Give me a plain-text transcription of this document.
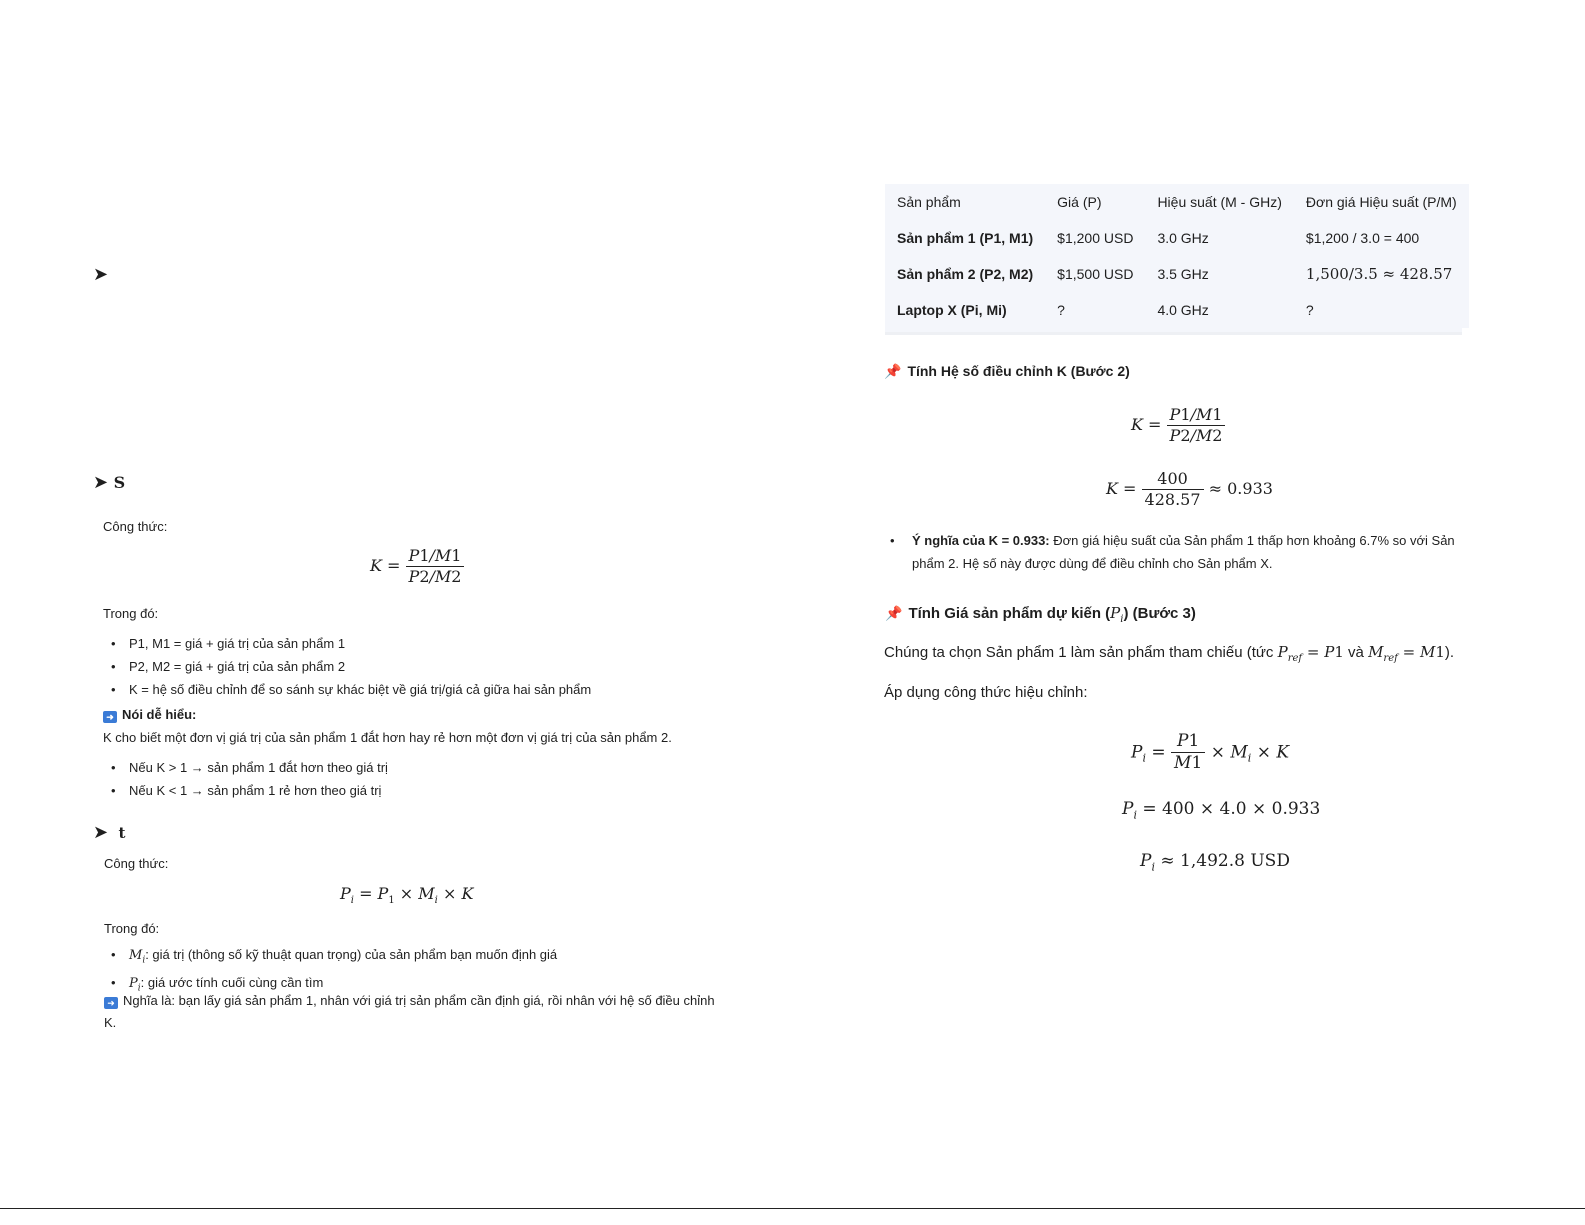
➤
➤ S
Công thức:
$K = \frac{P1/M1}{P2/M2}$
Trong đó:
• P1, M1 = giá + giá trị của sản phẩm 1
• P2, M2 = giá + giá trị của sản phẩm 2
• K = hệ số điều chỉnh để so sánh sự khác biệt về giá trị/giá cả giữa hai sản phẩm
➜ Nói dễ hiểu:
K cho biết một đơn vị giá trị của sản phẩm 1 đắt hơn hay rẻ hơn một đơn vị giá trị của sản phẩm 2.
• Nếu K > 1 → sản phẩm 1 đắt hơn theo giá trị
• Nếu K < 1 → sản phẩm 1 rẻ hơn theo giá trị
➤ t
Công thức:
$P_i = P_1 \times M_i \times K$
Trong đó:
• $M_i$: giá trị (thông số kỹ thuật quan trọng) của sản phẩm bạn muốn định giá
• $P_i$: giá ước tính cuối cùng cần tìm
➜ Nghĩa là: bạn lấy giá sản phẩm 1, nhân với giá trị sản phẩm cần định giá, rồi nhân với hệ số điều chỉnh
K.
Sản phẩm	Giá (P)	Hiệu suất (M - GHz)	Đơn giá Hiệu suất (P/M)
Sản phẩm 1 (P1, M1)	$1,200 USD	3.0 GHz	$1,200 / 3.0 = 400
Sản phẩm 2 (P2, M2)	$1,500 USD	3.5 GHz	1,500/3.5 ≈ 428.57
Laptop X (Pi, Mi)	?	4.0 GHz	?
📌 Tính Hệ số điều chỉnh K (Bước 2)
$K = \frac{P1/M1}{P2/M2}$
$K = \frac{400}{428.57} \approx 0.933$
• Ý nghĩa của K = 0.933: Đơn giá hiệu suất của Sản phẩm 1 thấp hơn khoảng 6.7% so với Sản
phẩm 2. Hệ số này được dùng để điều chỉnh cho Sản phẩm X.
📌 Tính Giá sản phẩm dự kiến $(P_i)$ (Bước 3)
Chúng ta chọn Sản phẩm 1 làm sản phẩm tham chiếu (tức $P_{ref} = P1$ và $M_{ref} = M1$).
Áp dụng công thức hiệu chỉnh:
$P_i = \frac{P1}{M1} \times M_i \times K$
$P_i = 400 \times 4.0 \times 0.933$
$P_i \approx 1,492.8$ USD
